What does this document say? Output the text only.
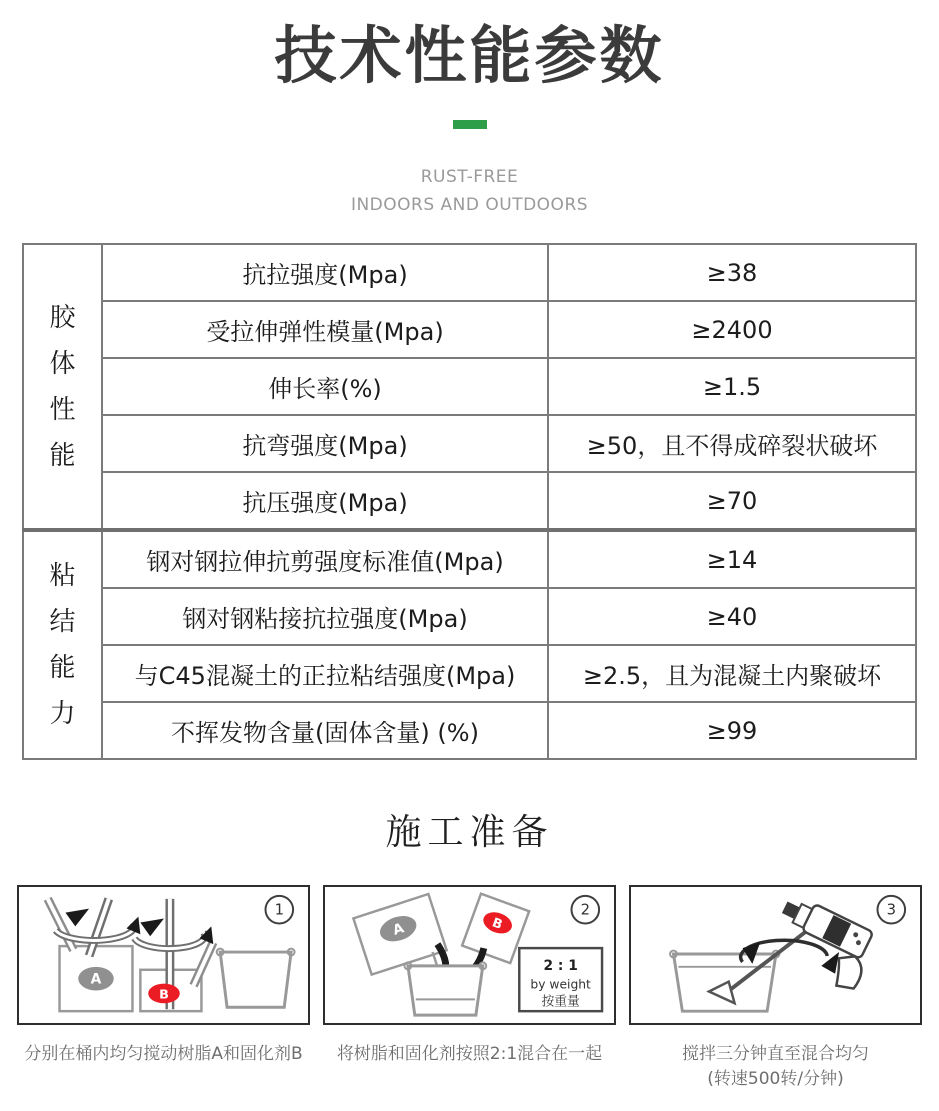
技术性能参数
RUST-FREE
INDOORS AND OUTDOORS
胶体性能	抗拉强度(Mpa)	≥38
	受拉伸弹性模量(Mpa)	≥2400
	伸长率(%)	≥1.5
	抗弯强度(Mpa)	≥50，且不得成碎裂状破坏
	抗压强度(Mpa)	≥70
粘结能力	钢对钢拉伸抗剪强度标准值(Mpa)	≥14
	钢对钢粘接抗拉强度(Mpa)	≥40
	与C45混凝土的正拉粘结强度(Mpa)	≥2.5，且为混凝土内聚破坏
	不挥发物含量(固体含量) (%)	≥99
施工准备
A
B
1
分别在桶内均匀搅动树脂A和固化剂B
A	B
2 : 1
by weight
按重量
2
将树脂和固化剂按照2:1混合在一起
3
搅拌三分钟直至混合均匀
(转速500转/分钟)
